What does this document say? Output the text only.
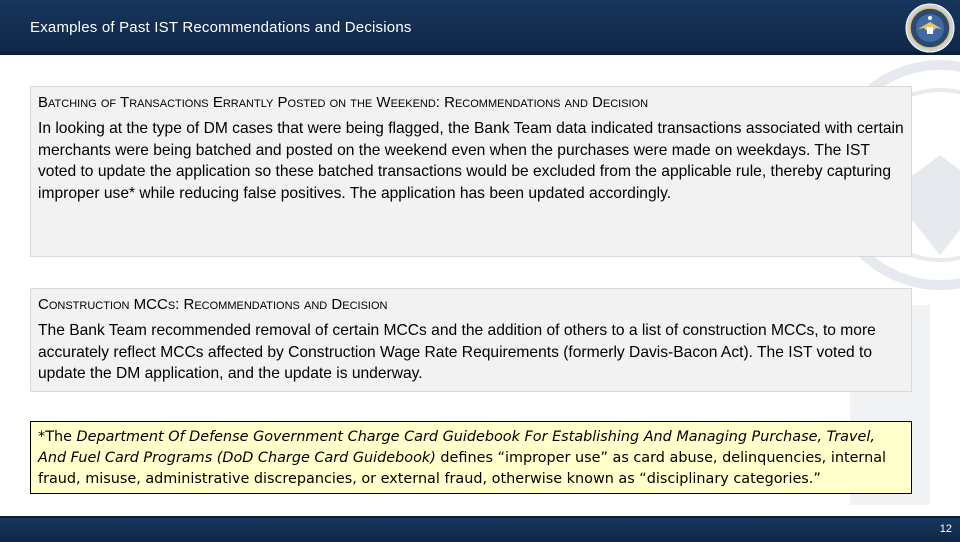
Examples of Past IST Recommendations and Decisions
Batching of Transactions Errantly Posted on the Weekend: Recommendations and Decision
In looking at the type of DM cases that were being flagged, the Bank Team data indicated transactions associated with certain merchants were being batched and posted on the weekend even when the purchases were made on weekdays. The IST voted to update the application so these batched transactions would be excluded from the applicable rule, thereby capturing improper use* while reducing false positives. The application has been updated accordingly.
Construction MCCs: Recommendations and Decision
The Bank Team recommended removal of certain MCCs and the addition of others to a list of construction MCCs, to more accurately reflect MCCs affected by Construction Wage Rate Requirements (formerly Davis-Bacon Act). The IST voted to update the DM application, and the update is underway.
*The Department Of Defense Government Charge Card Guidebook For Establishing And Managing Purchase, Travel, And Fuel Card Programs (DoD Charge Card Guidebook) defines “improper use” as card abuse, delinquencies, internal fraud, misuse, administrative discrepancies, or external fraud, otherwise known as “disciplinary categories.”
12
